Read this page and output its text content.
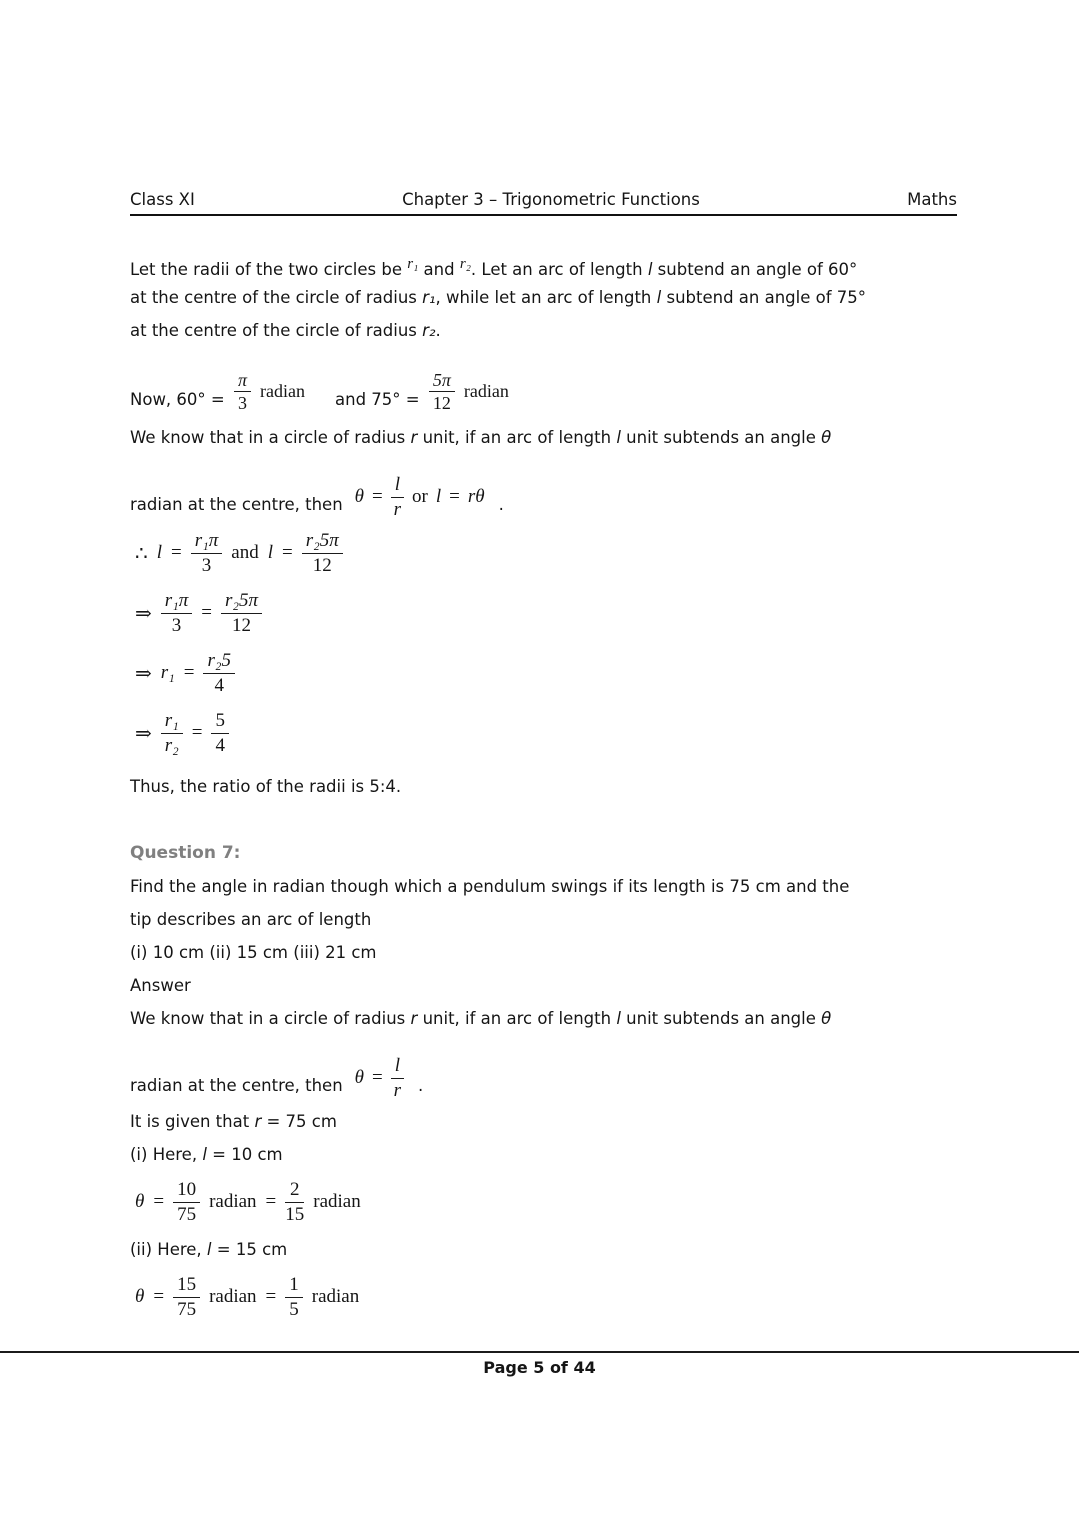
Class XI	Chapter 3 – Trigonometric Functions	Maths
Let the radii of the two circles be r₁ and r₂. Let an arc of length l subtend an angle of 60°
at the centre of the circle of radius r₁, while let an arc of length l subtend an angle of 75°
at the centre of the circle of radius r₂.
Now, $60^\circ = \frac{\pi}{3}$ radian and $75^\circ = \frac{5\pi}{12}$ radian
We know that in a circle of radius r unit, if an arc of length l unit subtends an angle θ
radian at the centre, then $\theta = \frac{l}{r}$ or l = rθ .
∴ $l = \frac{\text{r₁π}}{3}$ and $l = \frac{\text{r₂5π}}{12}$
⇒ $\frac{\text{r₁π}}{3} = \frac{\text{r₂5π}}{12}$
⇒ $r_1 = \frac{\text{r₂5}}{4}$
⇒ $\frac{\text{r₁}}{\text{r₂}} = \frac{5}{4}$
Thus, the ratio of the radii is 5:4.
Question 7:
Find the angle in radian though which a pendulum swings if its length is 75 cm and the
tip describes an arc of length
(i) 10 cm (ii) 15 cm (iii) 21 cm
Answer
We know that in a circle of radius r unit, if an arc of length l unit subtends an angle θ
radian at the centre, then $\theta = \frac{l}{r}$ .
It is given that r = 75 cm
(i) Here, l = 10 cm
$\theta = \frac{10}{75}$ radian = $\frac{2}{15}$ radian
(ii) Here, l = 15 cm
$\theta = \frac{15}{75}$ radian = $\frac{1}{5}$ radian
Page 5 of 44
